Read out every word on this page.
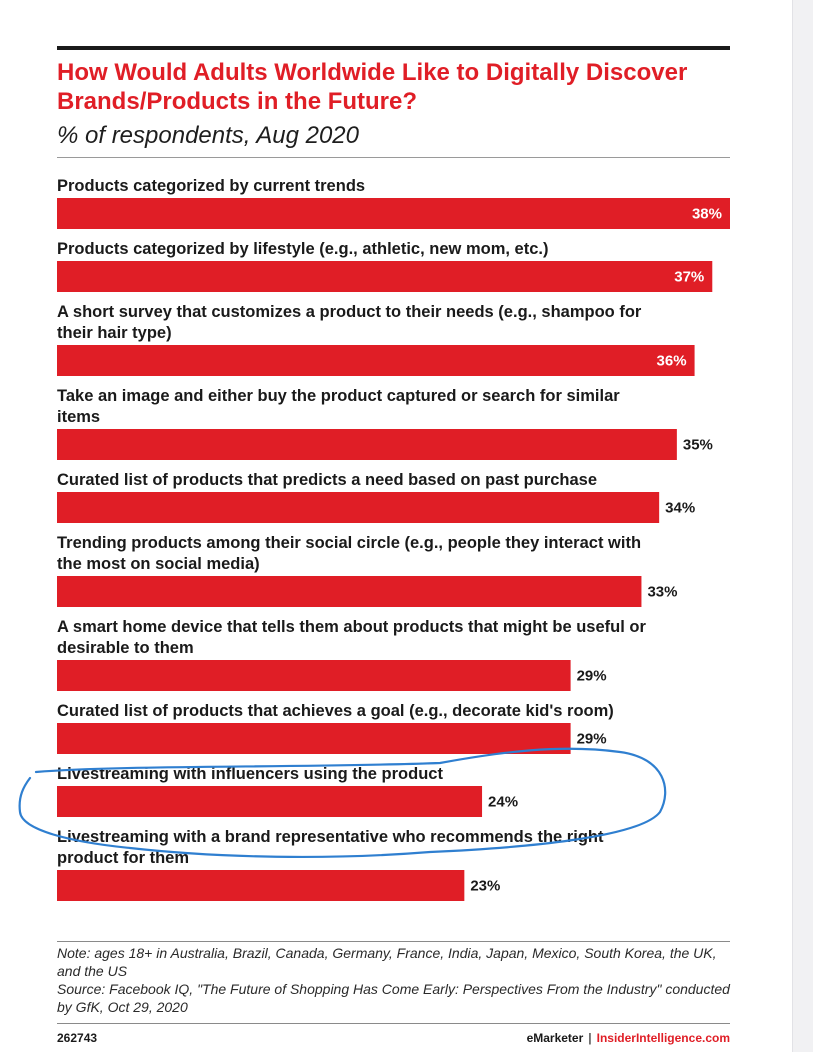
How Would Adults Worldwide Like to Digitally Discover Brands/Products in the Future?
% of respondents, Aug 2020
Products categorized by current trends
38%
Products categorized by lifestyle (e.g., athletic, new mom, etc.)
37%
A short survey that customizes a product to their needs (e.g., shampoo for
their hair type)
36%
Take an image and either buy the product captured or search for similar
items
35%
Curated list of products that predicts a need based on past purchase
34%
Trending products among their social circle (e.g., people they interact with
the most on social media)
33%
A smart home device that tells them about products that might be useful or
desirable to them
29%
Curated list of products that achieves a goal (e.g., decorate kid's room)
29%
Livestreaming with influencers using the product
24%
Livestreaming with a brand representative who recommends the right
product for them
23%

Note: ages 18+ in Australia, Brazil, Canada, Germany, France, India, Japan, Mexico, South Korea, the UK, and the US

Source: Facebook IQ, "The Future of Shopping Has Come Early: Perspectives From the Industry" conducted by GfK, Oct 29, 2020

262743	eMarketer | InsiderIntelligence.com
